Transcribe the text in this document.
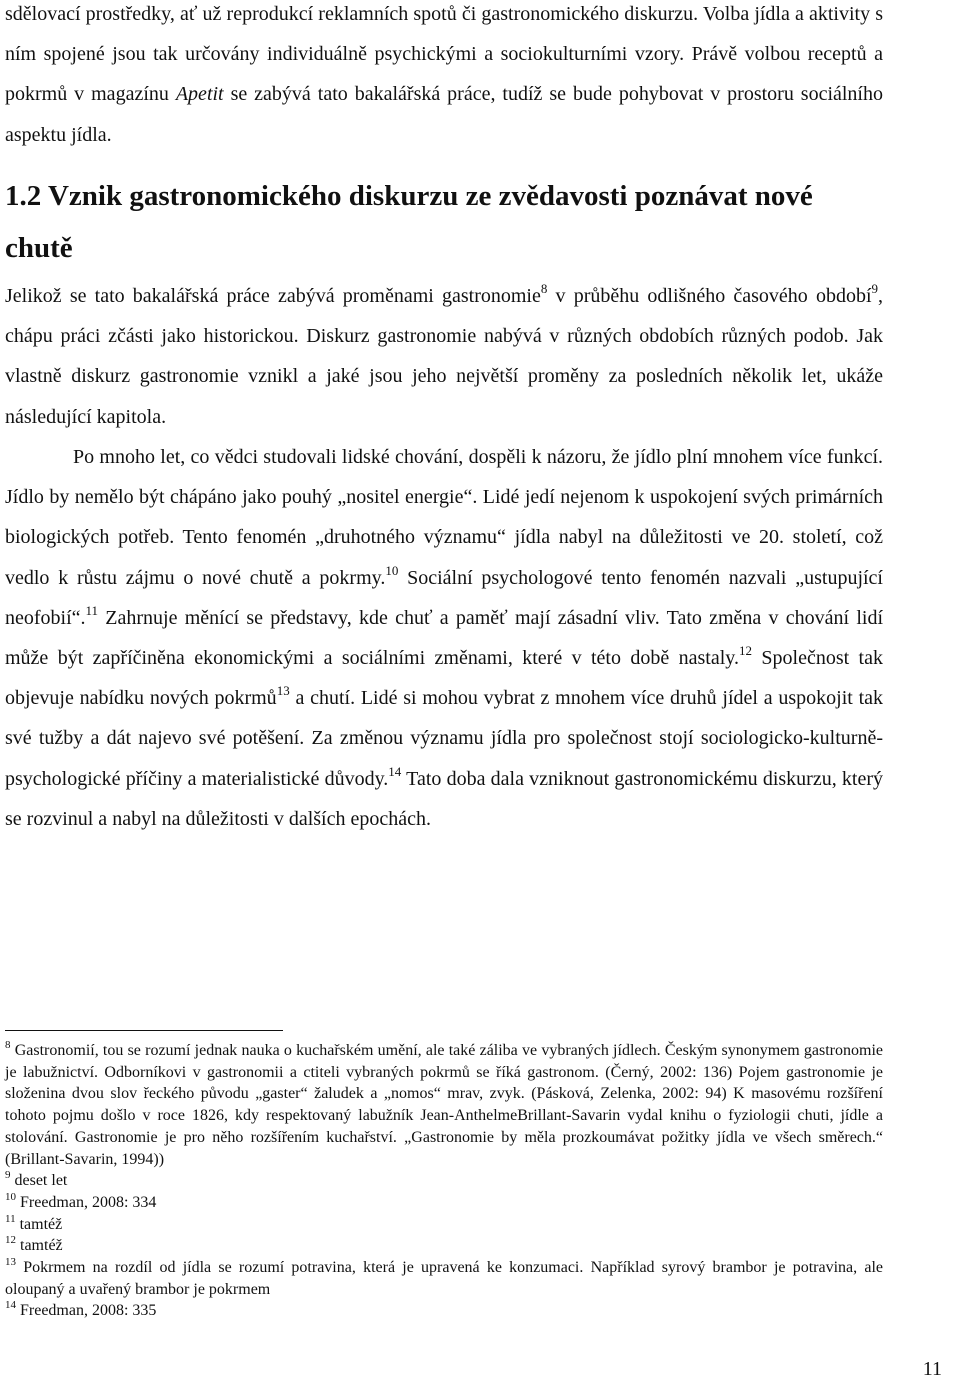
sdělovací prostředky, ať už reprodukcí reklamních spotů či gastronomického diskurzu. Volba jídla a aktivity s ním spojené jsou tak určovány individuálně psychickými a sociokulturními vzory. Právě volbou receptů a pokrmů v magazínu Apetit se zabývá tato bakalářská práce, tudíž se bude pohybovat v prostoru sociálního aspektu jídla.

1.2 Vznik gastronomického diskurzu ze zvědavosti poznávat nové chutě

Jelikož se tato bakalářská práce zabývá proměnami gastronomie$^8$ v průběhu odlišného časového období$^9$, chápu práci zčásti jako historickou. Diskurz gastronomie nabývá v různých obdobích různých podob. Jak vlastně diskurz gastronomie vznikl a jaké jsou jeho největší proměny za posledních několik let, ukáže následující kapitola.

Po mnoho let, co vědci studovali lidské chování, dospěli k názoru, že jídlo plní mnohem více funkcí. Jídlo by nemělo být chápáno jako pouhý „nositel energie“. Lidé jedí nejenom k uspokojení svých primárních biologických potřeb. Tento fenomén „druhotného významu“ jídla nabyl na důležitosti ve 20. století, což vedlo k růstu zájmu o nové chutě a pokrmy.$^{10}$ Sociální psychologové tento fenomén nazvali „ustupující neofobií“.$^{11}$ Zahrnuje měnící se představy, kde chuť a paměť mají zásadní vliv. Tato změna v chování lidí může být zapříčiněna ekonomickými a sociálními změnami, které v této době nastaly.$^{12}$ Společnost tak objevuje nabídku nových pokrmů$^{13}$ a chutí. Lidé si mohou vybrat z mnohem více druhů jídel a uspokojit tak své tužby a dát najevo své potěšení. Za změnou významu jídla pro společnost stojí sociologicko-kulturně-psychologické příčiny a materialistické důvody.$^{14}$ Tato doba dala vzniknout gastronomickému diskurzu, který se rozvinul a nabyl na důležitosti v dalších epochách.

$^8$ Gastronomií, tou se rozumí jednak nauka o kuchařském umění, ale také záliba ve vybraných jídlech. Českým synonymem gastronomie je labužnictví. Odborníkovi v gastronomii a ctiteli vybraných pokrmů se říká gastronom. (Černý, 2002: 136) Pojem gastronomie je složenina dvou slov řeckého původu „gaster“ žaludek a „nomos“ mrav, zvyk. (Pásková, Zelenka, 2002: 94) K masovému rozšíření tohoto pojmu došlo v roce 1826, kdy respektovaný labužník Jean-AnthelmeBrillant-Savarin vydal knihu o fyziologii chuti, jídle a stolování. Gastronomie je pro něho rozšířením kuchařství. „Gastronomie by měla prozkoumávat požitky jídla ve všech směrech.“ (Brillant-Savarin, 1994))

$^9$ deset let

$^{10}$ Freedman, 2008: 334

$^{11}$ tamtéž

$^{12}$ tamtéž

$^{13}$ Pokrmem na rozdíl od jídla se rozumí potravina, která je upravená ke konzumaci. Například syrový brambor je potravina, ale oloupaný a uvařený brambor je pokrmem

$^{14}$ Freedman, 2008: 335

11
